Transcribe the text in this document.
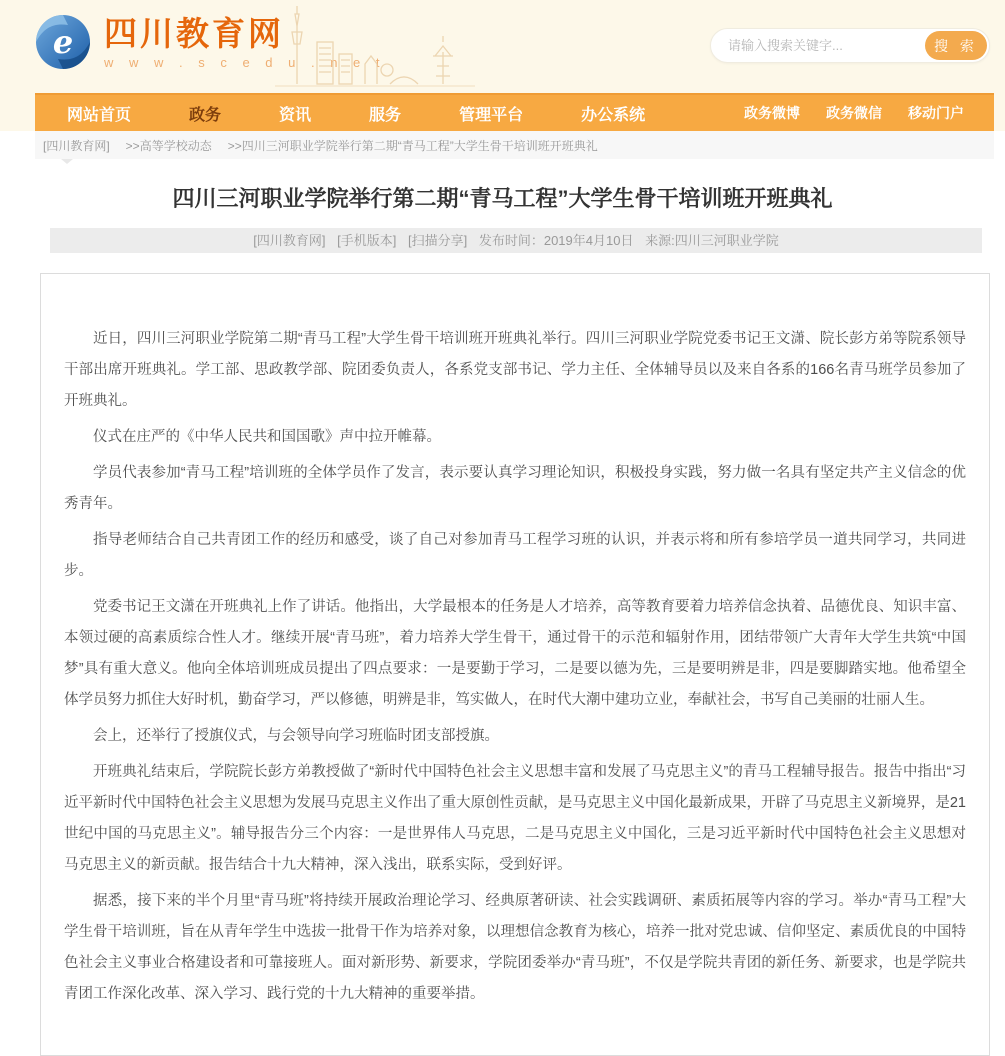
e 四川教育网
w w w . s c e d u . n e t
请输入搜索关键字...
搜 索
网站首页	政务	资讯	服务	管理平台	办公系统	政务微博 政务微信 移动门户
[四川教育网] >>高等学校动态 >>四川三河职业学院举行第二期“青马工程”大学生骨干培训班开班典礼
四川三河职业学院举行第二期“青马工程”大学生骨干培训班开班典礼
[四川教育网] [手机版本] [扫描分享] 发布时间：2019年4月10日 来源:四川三河职业学院

近日，四川三河职业学院第二期“青马工程”大学生骨干培训班开班典礼举行。四川三河职业学院党委书记王文潇、院长彭方弟等院系领导干部出席开班典礼。学工部、思政教学部、院团委负责人，各系党支部书记、学力主任、全体辅导员以及来自各系的166名青马班学员参加了开班典礼。

仪式在庄严的《中华人民共和国国歌》声中拉开帷幕。

学员代表参加“青马工程”培训班的全体学员作了发言，表示要认真学习理论知识，积极投身实践，努力做一名具有坚定共产主义信念的优秀青年。

指导老师结合自己共青团工作的经历和感受，谈了自己对参加青马工程学习班的认识，并表示将和所有参培学员一道共同学习，共同进步。

党委书记王文潇在开班典礼上作了讲话。他指出，大学最根本的任务是人才培养，高等教育要着力培养信念执着、品德优良、知识丰富、本领过硬的高素质综合性人才。继续开展“青马班”，着力培养大学生骨干，通过骨干的示范和辐射作用，团结带领广大青年大学生共筑“中国梦”具有重大意义。他向全体培训班成员提出了四点要求：一是要勤于学习，二是要以德为先，三是要明辨是非，四是要脚踏实地。他希望全体学员努力抓住大好时机，勤奋学习，严以修德，明辨是非，笃实做人，在时代大潮中建功立业，奉献社会，书写自己美丽的壮丽人生。

会上，还举行了授旗仪式，与会领导向学习班临时团支部授旗。

开班典礼结束后，学院院长彭方弟教授做了“新时代中国特色社会主义思想丰富和发展了马克思主义”的青马工程辅导报告。报告中指出“习近平新时代中国特色社会主义思想为发展马克思主义作出了重大原创性贡献，是马克思主义中国化最新成果，开辟了马克思主义新境界，是21世纪中国的马克思主义”。辅导报告分三个内容：一是世界伟人马克思，二是马克思主义中国化，三是习近平新时代中国特色社会主义思想对马克思主义的新贡献。报告结合十九大精神，深入浅出，联系实际，受到好评。

据悉，接下来的半个月里“青马班”将持续开展政治理论学习、经典原著研读、社会实践调研、素质拓展等内容的学习。举办“青马工程”大学生骨干培训班，旨在从青年学生中选拔一批骨干作为培养对象，以理想信念教育为核心，培养一批对党忠诚、信仰坚定、素质优良的中国特色社会主义事业合格建设者和可靠接班人。面对新形势、新要求，学院团委举办“青马班”，不仅是学院共青团的新任务、新要求，也是学院共青团工作深化改革、深入学习、践行党的十九大精神的重要举措。
